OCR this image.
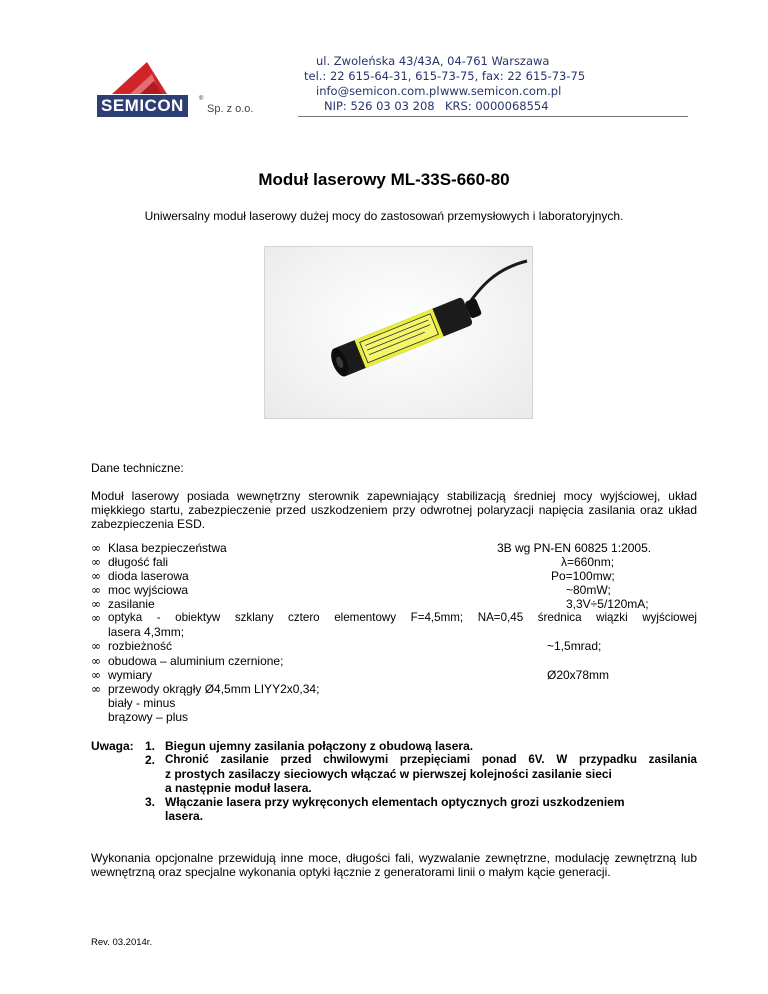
SEMICON	®
Sp. z o.o.
ul. Zwoleńska 43/43A, 04-761 Warszawa
tel.: 22 615-64-31, 615-73-75, fax: 22 615-73-75
info@semicon.com.pl www.semicon.com.pl
NIP: 526 03 03 208 KRS: 0000068554
Moduł laserowy ML-33S-660-80
Uniwersalny moduł laserowy dużej mocy do zastosowań przemysłowych i laboratoryjnych.
Dane techniczne:
Moduł laserowy posiada wewnętrzny sterownik zapewniający stabilizacją średniej mocy wyjściowej, układ miękkiego startu, zabezpieczenie przed uszkodzeniem przy odwrotnej polaryzacji napięcia zasilania oraz układ zabezpieczenia ESD.
∞ Klasa bezpieczeństwa	3B wg PN-EN 60825 1:2005.
∞ długość fali	λ=660nm;
∞ dioda laserowa	Po=100mw;
∞ moc wyjściowa	~80mW;
∞ zasilanie	3,3V÷5/120mA;
∞ optyka - obiektyw szklany cztero elementowy F=4,5mm; NA=0,45 średnica wiązki wyjściowej
lasera 4,3mm;
∞ rozbieżność	~1,5mrad;
∞ obudowa – aluminium czernione;
∞ wymiary	Ø20x78mm
∞ przewody okrągły Ø4,5mm LIYY2x0,34;
biały - minus
brązowy – plus
Uwaga: 1. Biegun ujemny zasilania połączony z obudową lasera.
2. Chronić zasilanie przed chwilowymi przepięciami ponad 6V. W przypadku zasilania
z prostych zasilaczy sieciowych włączać w pierwszej kolejności zasilanie sieci
a następnie moduł lasera.
3. Włączanie lasera przy wykręconych elementach optycznych grozi uszkodzeniem
lasera.
Wykonania opcjonalne przewidują inne moce, długości fali, wyzwalanie zewnętrzne, modulację zewnętrzną lub wewnętrzną oraz specjalne wykonania optyki łącznie z generatorami linii o małym kącie generacji.
Rev. 03.2014r.
